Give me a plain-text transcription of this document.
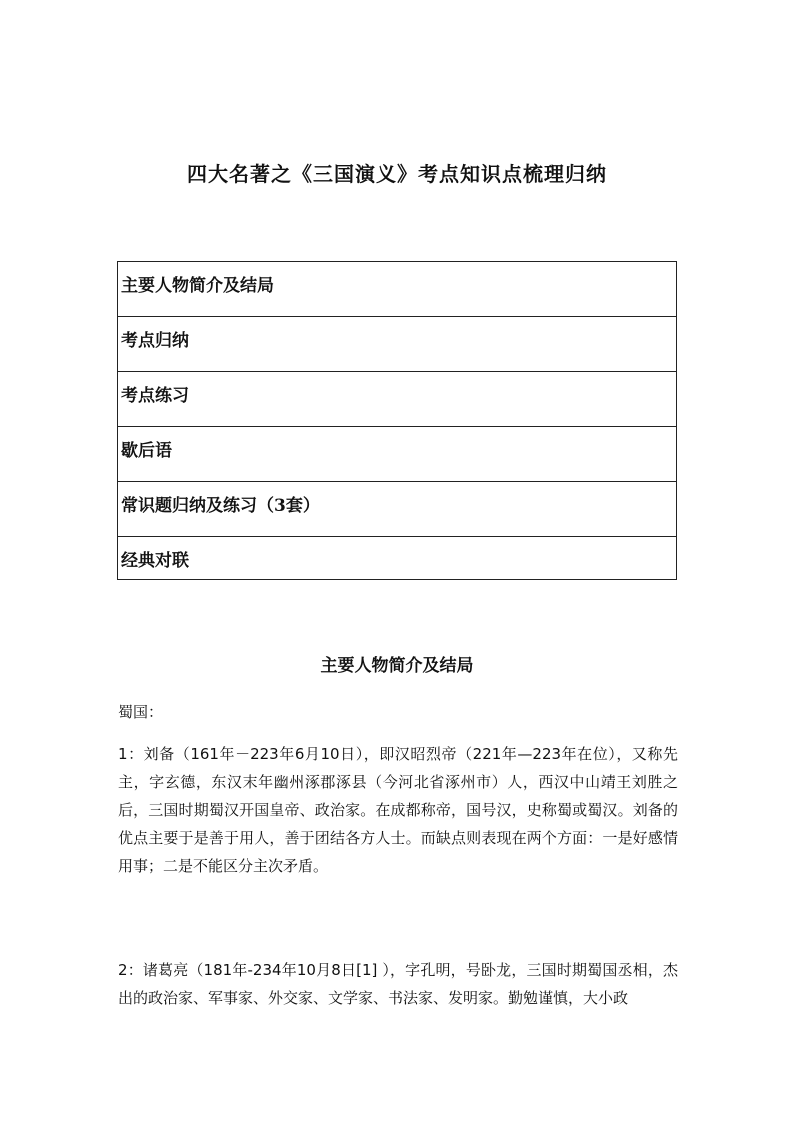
四大名著之《三国演义》考点知识点梳理归纳
主要人物简介及结局
考点归纳
考点练习
歇后语
常识题归纳及练习（3套）
经典对联
主要人物简介及结局
蜀国：
1：刘备（161年－223年6月10日），即汉昭烈帝（221年—223年在位），又称先主，字玄德，东汉末年幽州涿郡涿县（今河北省涿州市）人，西汉中山靖王刘胜之后，三国时期蜀汉开国皇帝、政治家。在成都称帝，国号汉，史称蜀或蜀汉。刘备的优点主要于是善于用人，善于团结各方人士。而缺点则表现在两个方面：一是好感情用事；二是不能区分主次矛盾。
2：诸葛亮（181年-234年10月8日[1] ），字孔明，号卧龙，三国时期蜀国丞相，杰出的政治家、军事家、外交家、文学家、书法家、发明家。勤勉谨慎，大小政
